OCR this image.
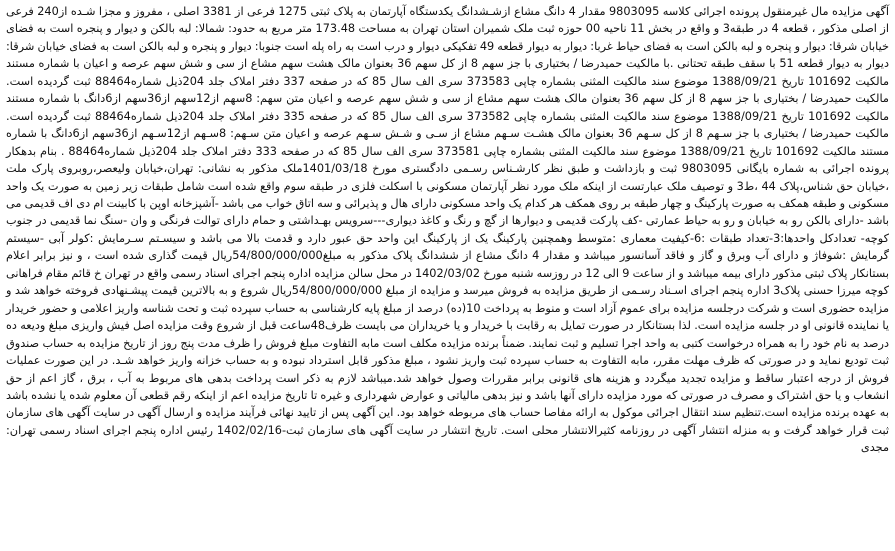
آگهی مزایده مال غیرمنقول پرونده اجرائی کلاسه 9803095 مقدار 4 دانگ مشاع ازشـشدانگ یکدستگاه آپارتمان به پلاک ثبتی 1275 فرعی از 3381 اصلی ، مفروز و مجزا شـده از240 فرعی از اصلی مذکور ، قطعه 4 در طبقه3 و واقع در بخش 11 ناحیه 00 حوزه ثبت ملک شمیران استان تهران به مساحت 173.48 متر مربع به حدود: شمالا: لبه بالکن و دیوار و پنجره است به فضای خیابان شرقا: دیوار و پنجره و لبه بالکن است به فضای حیاط غربا: دیوار به دیوار قطعه 49 تفکیکی دیوار و درب است به راه پله است جنوبا: دیوار و پنجره و لبه بالکن است به فضای خیابان شرقا: دیوار به دیوار قطعه 51 با سقف طبقه تحتانی .با مالکیت حمیدرضا / بختیاری با جز سهم 8 از کل سهم 36 بعنوان مالک هشت سهم مشاع از سی و شش سهم عرصه و اعیان با شماره مستند مالکیت 101692 تاریخ 1388/09/21 موضوع سند مالکیت المثنی بشماره چاپی 373583 سری الف سال 85 که در صفحه 337 دفتر املاک جلد 204ذیل شماره88464 ثبت گردیده است. مالکیت حمیدرضا / بختیاری با جز سهم 8 از کل سهم 36 بعنوان مالک هشت سهم مشاع از سی و شش سهم عرصه و اعیان متن سهم: 8سهم از12سهم از36سهم از6دانگ با شماره مستند مالکیت 101692 تاریخ 1388/09/21 موضوع سند مالکیت المثنی بشماره چاپی 373582 سری الف سال 85 که در صفحه 335 دفتر املاک جلد 204ذیل شماره88464 ثبت گردیده است. مالکیت حمیدرضا / بختیاری با جز سـهم 8 از کل سـهم 36 بعنوان مالک هشـت سـهم مشاع از سـی و شـش سـهم عرصه و اعیان متن سـهم: 8سـهم از12سـهم از36سهم از6دانگ با شماره مستند مالکیت 101692 تاریخ 1388/09/21 موضوع سند مالکیت المثنی بشماره چاپی 373581 سری الف سال 85 که در صفحه 333 دفتر املاک جلد 204ذیل شماره88464 . بنام بدهکار پرونده اجرائی به شماره بایگانی 9803095 ثبت و بازداشت و طبق نظر کارشـناس رسـمی دادگستری مورخ 1401/03/18ملک مذکور به نشانی: تهران،خیابان ولیعصر،روبروی پارک ملت ،خیابان حق شناس،پلاک 44 ،ط3 و توصیف ملک عبارتست از اینکه ملک مورد نظر آپارتمان مسکونی با اسکلت فلزی در طبقه سوم واقع شده است شامل طبقات زیر زمین به صورت یک واحد مسکونی و طبقه همکف به صورت پارکینگ و چهار طبقه بر روی همکف هر کدام یک واحد مسکونی دارای هال و پذیرائی و سه اتاق خواب می باشد -آشپزخانه اوپن با کابینت ام دی اف قدیمی می باشد -دارای بالکن رو به خیابان و رو به حیاط عمارتی -کف پارکت قدیمی و دیوارها از گچ و رنگ و کاغذ دیواری---سرویس بهـداشتی و حمام دارای توالت فرنگی و وان -سنگ نما قدیمی در جنوب کوچه- تعدادکل واحدها:3-تعداد طبقات :6-کیفیت معماری :متوسط وهمچنین پارکینگ یک از پارکینگ این واحد حق عبور دارد و قدمت بالا می باشد و سیسـتم سـرمایش :کولر آبی -سیستم گرمایش :شوفاژ و دارای آب وبرق و گاز و فاقد آسانسور میباشد و مقدار 4 دانگ مشاع از ششدانگ پلاک مذکور به مبلغ54/800/000/000ریال قیمت گذاری شده است ، و نیز برابر اعلام بستانکار پلاک ثبتی مذکور دارای بیمه میباشد و از ساعت 9 الی 12 در روزسه شنبه مورخ 1402/03/02 در محل سالن مزایده اداره پنجم اجرای اسناد رسمی واقع در تهران خ قائم مقام فراهانی کوچه میرزا حسنی پلاک3 اداره پنجم اجرای اسـناد رسـمی از طریق مزایده به فروش میرسد و مزایده از مبلغ 54/800/000/000ریال شروع و به بالاترین قیمت پیشـنهادی فروخته خواهد شد و مزایده حضوری است و شرکت درجلسه مزایده برای عموم آزاد است و منوط به پرداخت 10(ده) درصد از مبلغ پایه کارشناسی به حساب سپرده ثبت و تحت شناسه واریز اعلامی و حضور خریدار یا نماینده قانونی او در جلسه مزایده است. لذا بستانکار در صورت تمایل به رقابت با خریدار و یا خریداران می بایست ظرف48ساعت قبل از شروع وقت مزایده اصل فیش واریزی مبلغ ودیعه ده درصد به نام خود را به همراه درخواست کتبی به واحد اجرا تسلیم و ثبت نمایند. ضمناً برنده مزایده مکلف است مابه التفاوت مبلغ فروش را ظرف مدت پنج روز از تاریخ مزایده به حساب صندوق ثبت تودیع نماید و در صورتی که ظرف مهلت مقرر، مابه التفاوت به حساب سپرده ثبت واریز نشود ، مبلغ مذکور قابل استرداد نبوده و به حساب خزانه واریز خواهد شـد. در این صورت عملیات فروش از درجه اعتبار ساقط و مزایده تجدید میگردد و هزینه های قانونی برابر مقررات وصول خواهد شد.میباشد لازم به ذکر است پرداخت بدهی های مربوط به آب ، برق ، گاز اعم از حق انشعاب و یا حق اشتراک و مصرف در صورتی که مورد مزایده دارای آنها باشد و نیز بدهی مالیاتی و عوارض شهرداری و غیره تا تاریخ مزایده اعم از اینکه رقم قطعی آن معلوم شده یا نشده باشد به عهده برنده مزایده است.تنظیم سند انتقال اجرائی موکول به ارائه مفاصا حساب های مربوطه خواهد بود. این آگهی پس از تایید نهائی فرآیند مزایده و ارسال آگهی در سایت آگهی های سازمان ثبت قرار خواهد گرفت و به منزله انتشار آگهی در روزنامه کثیرالانتشار محلی است. تاریخ انتشار در سایت آگهی های سازمان ثبت-1402/02/16 رئیس اداره پنجم اجرای اسناد رسمی تهران: مجدی
